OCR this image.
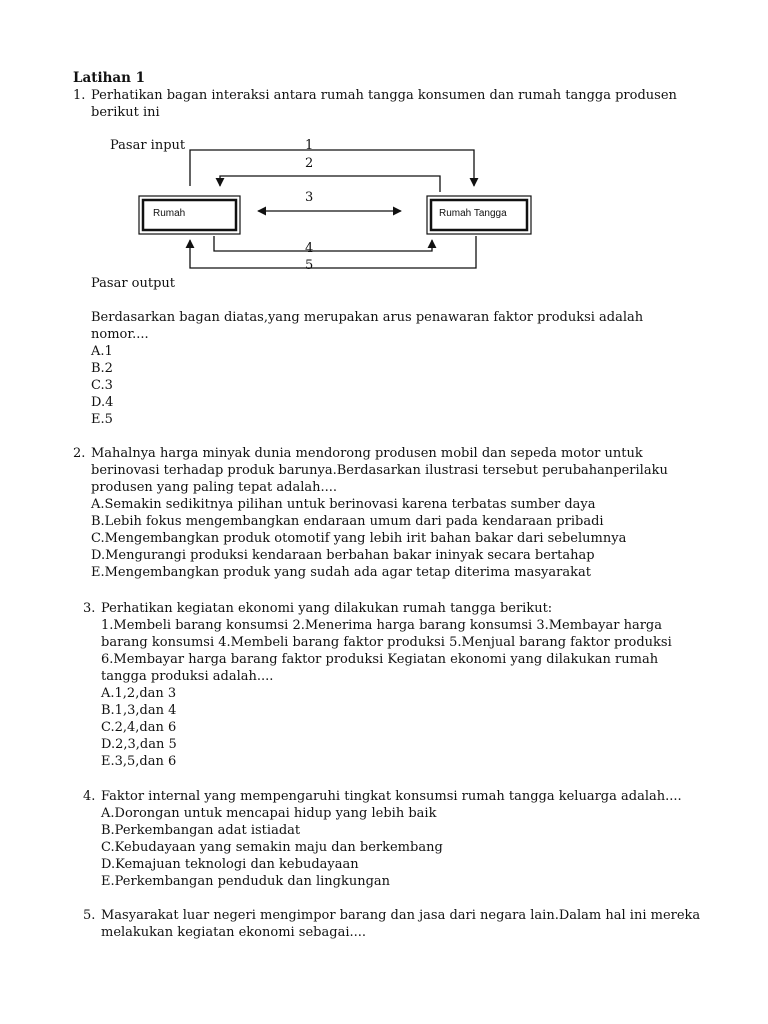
Latihan 1
1. Perhatikan bagan interaksi antara rumah tangga konsumen dan rumah tangga produsen
berikut ini
Pasar input	1
2
3
Rumah	Rumah Tangga
4
5
Pasar output
Berdasarkan bagan diatas,yang merupakan arus penawaran faktor produksi adalah
nomor....
A.1
B.2
C.3
D.4
E.5
2. Mahalnya harga minyak dunia mendorong produsen mobil dan sepeda motor untuk
berinovasi terhadap produk barunya.Berdasarkan ilustrasi tersebut perubahanperilaku
produsen yang paling tepat adalah....
A.Semakin sedikitnya pilihan untuk berinovasi karena terbatas sumber daya
B.Lebih fokus mengembangkan endaraan umum dari pada kendaraan pribadi
C.Mengembangkan produk otomotif yang lebih irit bahan bakar dari sebelumnya
D.Mengurangi produksi kendaraan berbahan bakar ininyak secara bertahap
E.Mengembangkan produk yang sudah ada agar tetap diterima masyarakat
3. Perhatikan kegiatan ekonomi yang dilakukan rumah tangga berikut:
1.Membeli barang konsumsi 2.Menerima harga barang konsumsi 3.Membayar harga
barang konsumsi 4.Membeli barang faktor produksi 5.Menjual barang faktor produksi
6.Membayar harga barang faktor produksi Kegiatan ekonomi yang dilakukan rumah
tangga produksi adalah....
A.1,2,dan 3
B.1,3,dan 4
C.2,4,dan 6
D.2,3,dan 5
E.3,5,dan 6
4. Faktor internal yang mempengaruhi tingkat konsumsi rumah tangga keluarga adalah....
A.Dorongan untuk mencapai hidup yang lebih baik
B.Perkembangan adat istiadat
C.Kebudayaan yang semakin maju dan berkembang
D.Kemajuan teknologi dan kebudayaan
E.Perkembangan penduduk dan lingkungan
5. Masyarakat luar negeri mengimpor barang dan jasa dari negara lain.Dalam hal ini mereka
melakukan kegiatan ekonomi sebagai....
